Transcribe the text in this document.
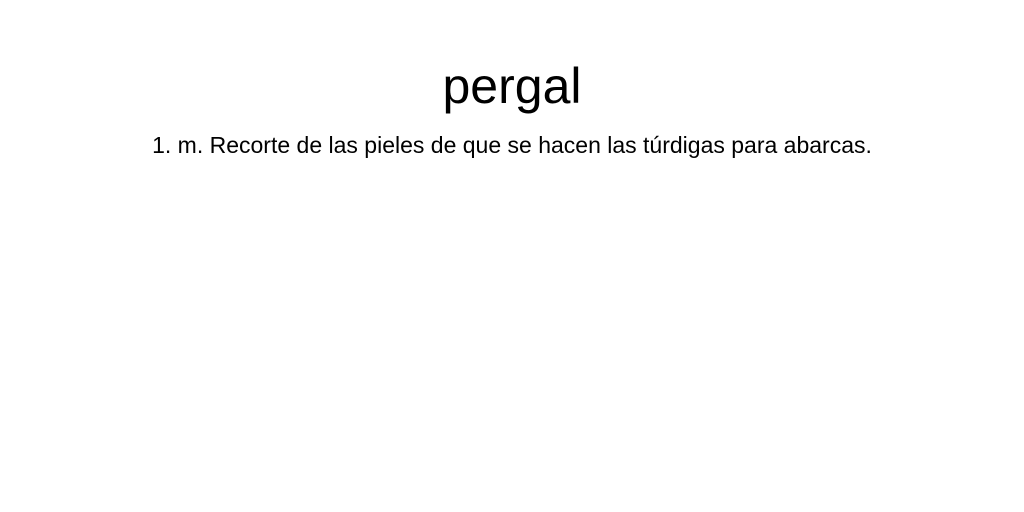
pergal

1. m. Recorte de las pieles de que se hacen las túrdigas para abarcas.
